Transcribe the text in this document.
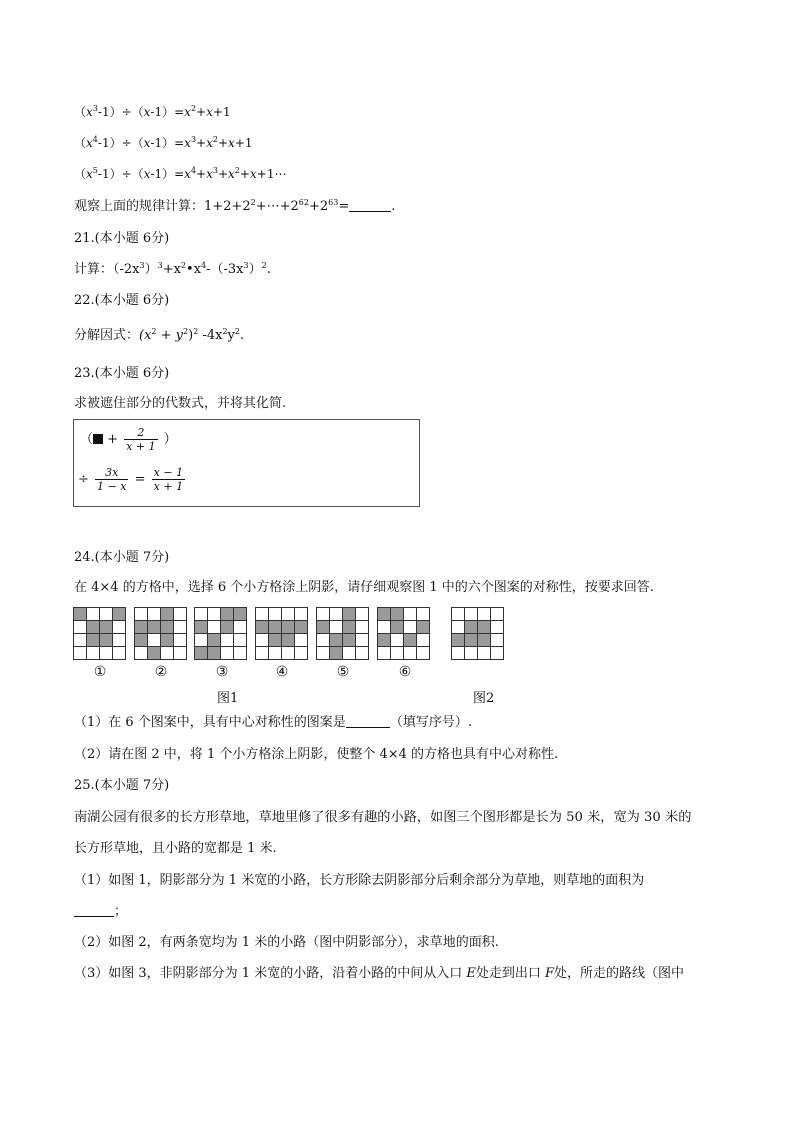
$(x^3-1)\div(x-1)=x^2+x+1$
$(x^4-1)\div(x-1)=x^3+x^2+x+1$
$(x^5-1)\div(x-1)=x^4+x^3+x^2+x+1\cdots$
观察上面的规律计算：$1+2+2^2+\cdots+2^{62}+2^{63}=$	.
21.(本小题 6分)
计算：$(-2x^3)^3+x^2•x^4-(-3x^3)^2$.
22.(本小题 6分)
分解因式：$(x^2 + y^2)^2$ $-4x^2y^2$.
23.(本小题 6分)
求被遮住部分的代数式，并将其化简.
（ + $\frac{2}{x + 1}$ ）
÷ $\frac{3x}{1 - x} = \frac{x - 1}{x + 1}$
24.(本小题 7分)
在 4×4 的方格中，选择 6 个小方格涂上阴影，请仔细观察图 1 中的六个图案的对称性，按要求回答.
①	②	③	④	⑤	⑥
图1	图2
（1）在 6 个图案中，具有中心对称性的图案是	（填写序号）.
（2）请在图 2 中，将 1 个小方格涂上阴影，使整个 4×4 的方格也具有中心对称性.
25.(本小题 7分)
南湖公园有很多的长方形草地，草地里修了很多有趣的小路，如图三个图形都是长为 50 米，宽为 30 米的
长方形草地，且小路的宽都是 1 米.
（1）如图 1，阴影部分为 1 米宽的小路，长方形除去阴影部分后剩余部分为草地，则草地的面积为
；
（2）如图 2，有两条宽均为 1 米的小路（图中阴影部分），求草地的面积.
（3）如图 3，非阴影部分为 1 米宽的小路，沿着小路的中间从入口 E处走到出口 F处，所走的路线（图中
